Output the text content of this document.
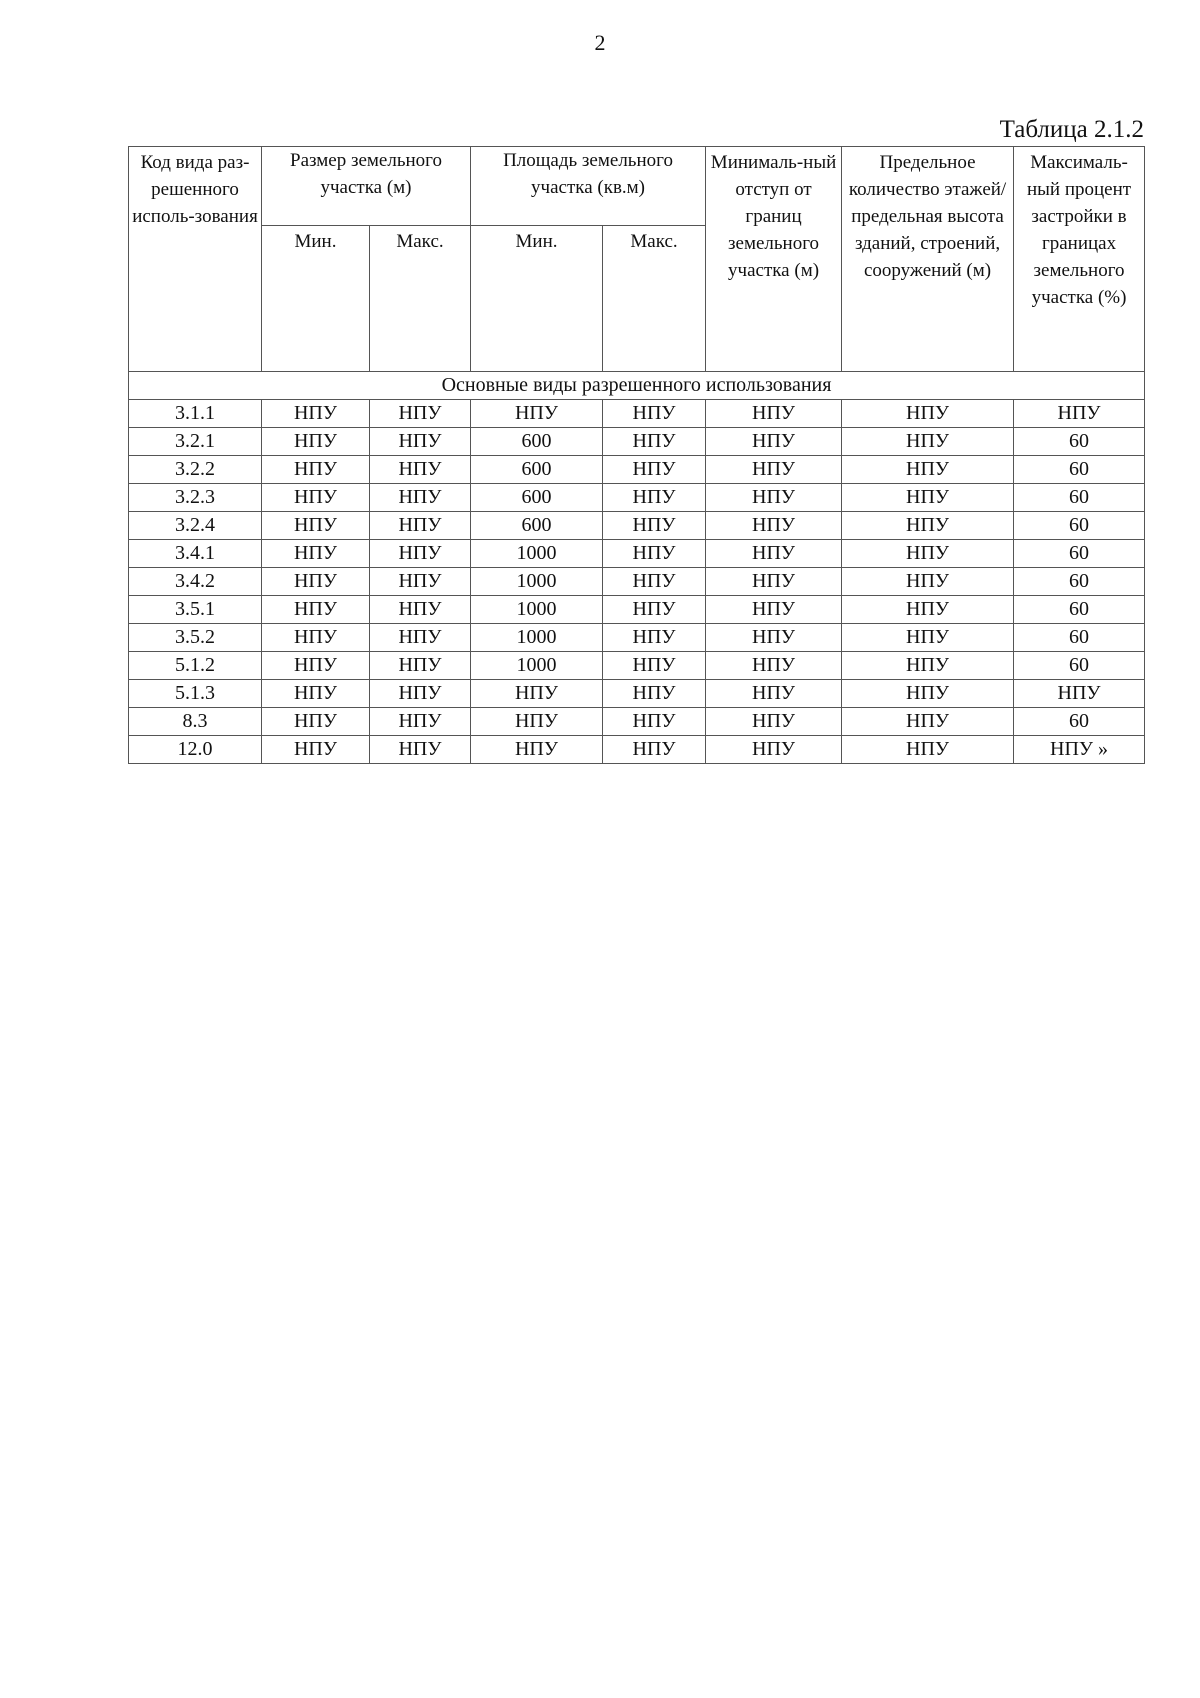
2
Таблица 2.1.2
Код вида раз-решенного исполь-зования	Размер земельного участка (м)		Площадь земельного участка (кв.м)		Минималь-ный отступ от границ земельного участка (м)	Предельное количество этажей/ предельная высота зданий, строений, сооружений (м)	Максималь-ный процент застройки в границах земельного участка (%)
	Мин.	Макс.	Мин.	Макс.			
Основные виды разрешенного использования							
3.1.1	НПУ	НПУ	НПУ	НПУ	НПУ	НПУ	НПУ
3.2.1	НПУ	НПУ	600	НПУ	НПУ	НПУ	60
3.2.2	НПУ	НПУ	600	НПУ	НПУ	НПУ	60
3.2.3	НПУ	НПУ	600	НПУ	НПУ	НПУ	60
3.2.4	НПУ	НПУ	600	НПУ	НПУ	НПУ	60
3.4.1	НПУ	НПУ	1000	НПУ	НПУ	НПУ	60
3.4.2	НПУ	НПУ	1000	НПУ	НПУ	НПУ	60
3.5.1	НПУ	НПУ	1000	НПУ	НПУ	НПУ	60
3.5.2	НПУ	НПУ	1000	НПУ	НПУ	НПУ	60
5.1.2	НПУ	НПУ	1000	НПУ	НПУ	НПУ	60
5.1.3	НПУ	НПУ	НПУ	НПУ	НПУ	НПУ	НПУ
8.3	НПУ	НПУ	НПУ	НПУ	НПУ	НПУ	60
12.0	НПУ	НПУ	НПУ	НПУ	НПУ	НПУ	НПУ »
